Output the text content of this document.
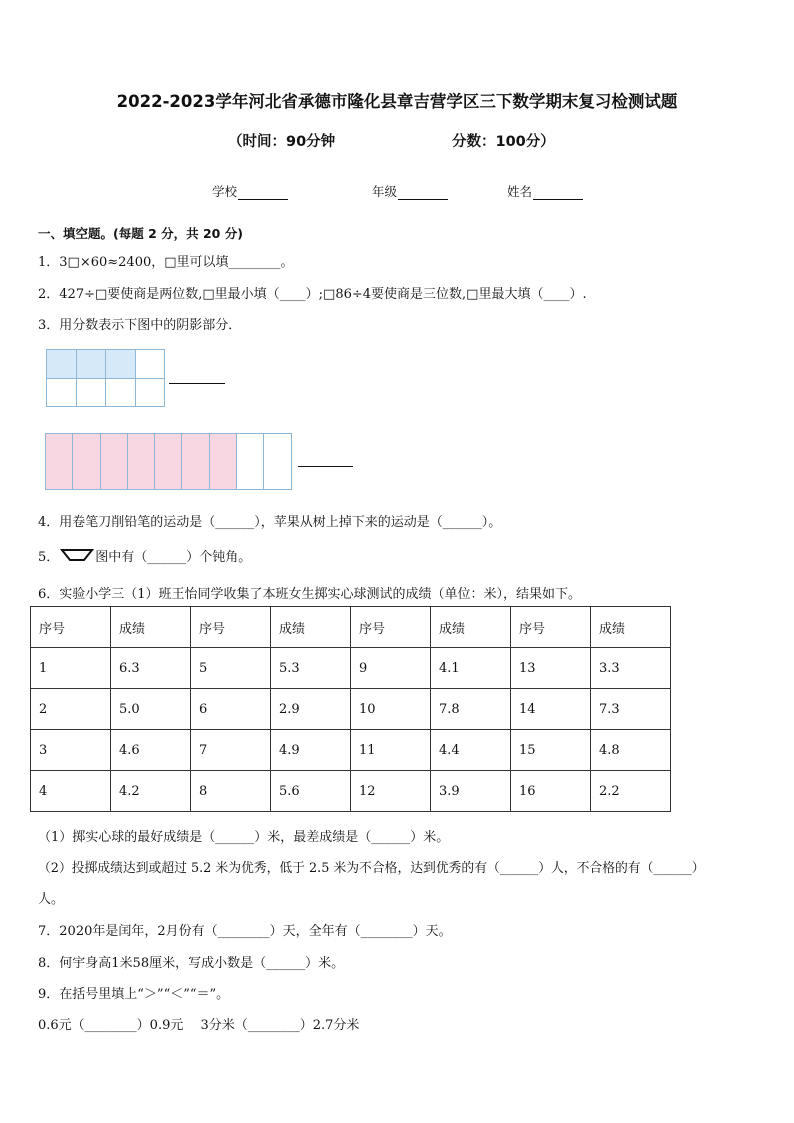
2022-2023学年河北省承德市隆化县章吉营学区三下数学期末复习检测试题
（时间：90分钟	分数：100分）
学校	年级	姓名
一、填空题。(每题 2 分，共 20 分)
1．3□×60≈2400，□里可以填________。
2．427÷□要使商是两位数,□里最小填（____）;□86÷4要使商是三位数,□里最大填（____）.
3．用分数表示下图中的阴影部分．
4．用卷笔刀削铅笔的运动是（______），苹果从树上掉下来的运动是（______）。
5．	图中有（______）个钝角。
6．实验小学三（1）班王怡同学收集了本班女生掷实心球测试的成绩（单位：米），结果如下。
序号	成绩	序号	成绩	序号	成绩	序号	成绩
1	6.3	5	5.3	9	4.1	13	3.3
2	5.0	6	2.9	10	7.8	14	7.3
3	4.6	7	4.9	11	4.4	15	4.8
4	4.2	8	5.6	12	3.9	16	2.2
（1）掷实心球的最好成绩是（______）米，最差成绩是（______）米。
（2）投掷成绩达到或超过 5.2 米为优秀，低于 2.5 米为不合格，达到优秀的有（______）人，不合格的有（______）
人。
7．2020年是闰年，2月份有（________）天，全年有（________）天。
8．何宇身高1米58厘米，写成小数是（______）米。
9．在括号里填上“＞”“＜”“＝”。
0.6元（________）0.9元　 3分米（________）2.7分米
